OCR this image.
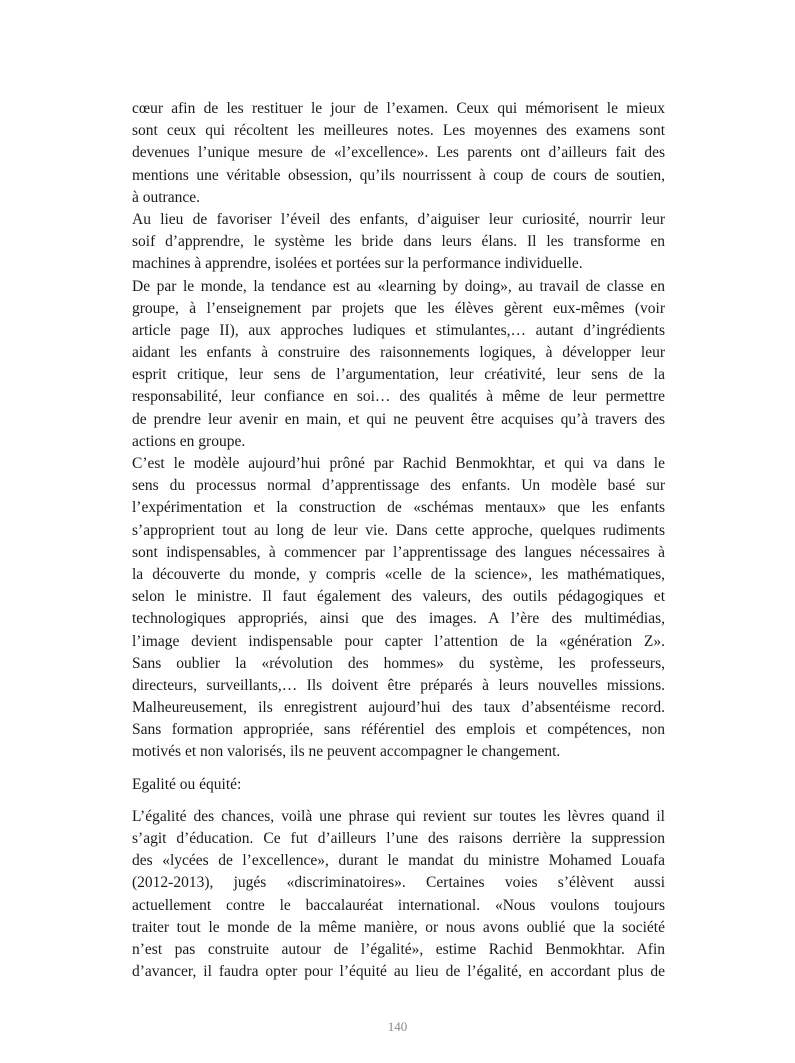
cœur afin de les restituer le jour de l’examen. Ceux qui mémorisent le mieux
sont ceux qui récoltent les meilleures notes. Les moyennes des examens sont
devenues l’unique mesure de «l’excellence». Les parents ont d’ailleurs fait des
mentions une véritable obsession, qu’ils nourrissent à coup de cours de soutien,
à outrance.
Au lieu de favoriser l’éveil des enfants, d’aiguiser leur curiosité, nourrir leur
soif d’apprendre, le système les bride dans leurs élans. Il les transforme en
machines à apprendre, isolées et portées sur la performance individuelle.
De par le monde, la tendance est au «learning by doing», au travail de classe en
groupe, à l’enseignement par projets que les élèves gèrent eux-mêmes (voir
article page II), aux approches ludiques et stimulantes,… autant d’ingrédients
aidant les enfants à construire des raisonnements logiques, à développer leur
esprit critique, leur sens de l’argumentation, leur créativité, leur sens de la
responsabilité, leur confiance en soi… des qualités à même de leur permettre
de prendre leur avenir en main, et qui ne peuvent être acquises qu’à travers des
actions en groupe.
C’est le modèle aujourd’hui prôné par Rachid Benmokhtar, et qui va dans le
sens du processus normal d’apprentissage des enfants. Un modèle basé sur
l’expérimentation et la construction de «schémas mentaux» que les enfants
s’approprient tout au long de leur vie. Dans cette approche, quelques rudiments
sont indispensables, à commencer par l’apprentissage des langues nécessaires à
la découverte du monde, y compris «celle de la science», les mathématiques,
selon le ministre. Il faut également des valeurs, des outils pédagogiques et
technologiques appropriés, ainsi que des images. A l’ère des multimédias,
l’image devient indispensable pour capter l’attention de la «génération Z».
Sans oublier la «révolution des hommes» du système, les professeurs,
directeurs, surveillants,… Ils doivent être préparés à leurs nouvelles missions.
Malheureusement, ils enregistrent aujourd’hui des taux d’absentéisme record.
Sans formation appropriée, sans référentiel des emplois et compétences, non
motivés et non valorisés, ils ne peuvent accompagner le changement.
Egalité ou équité:
L’égalité des chances, voilà une phrase qui revient sur toutes les lèvres quand il
s’agit d’éducation. Ce fut d’ailleurs l’une des raisons derrière la suppression
des «lycées de l’excellence», durant le mandat du ministre Mohamed Louafa
(2012-2013), jugés «discriminatoires». Certaines voies s’élèvent aussi
actuellement contre le baccalauréat international. «Nous voulons toujours
traiter tout le monde de la même manière, or nous avons oublié que la société
n’est pas construite autour de l’égalité», estime Rachid Benmokhtar. Afin
d’avancer, il faudra opter pour l’équité au lieu de l’égalité, en accordant plus de
140
